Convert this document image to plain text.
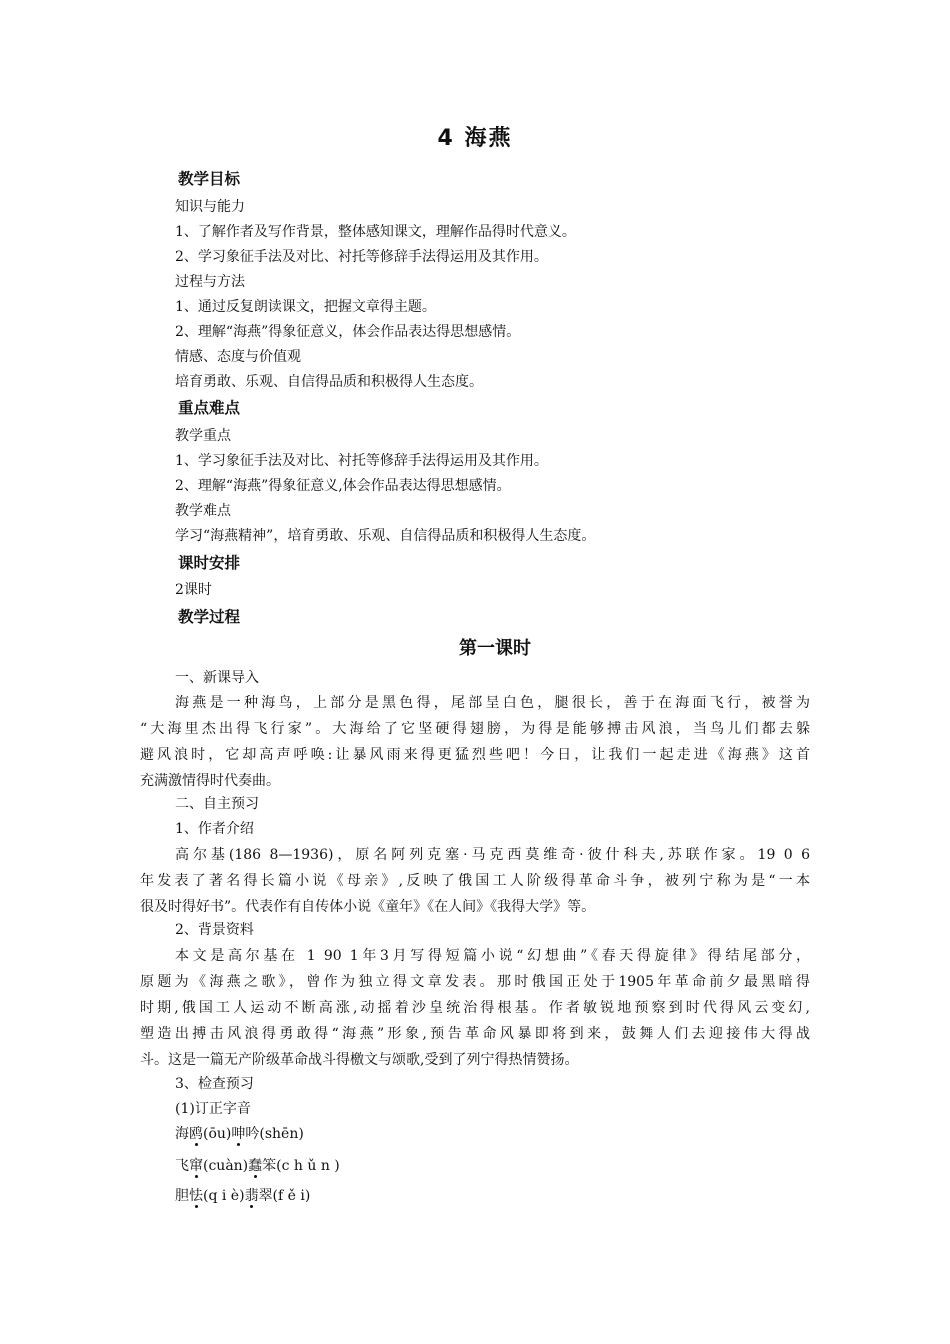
4 海燕
教学目标
知识与能力
1、了解作者及写作背景，整体感知课文，理解作品得时代意义。
2、学习象征手法及对比、衬托等修辞手法得运用及其作用。
过程与方法
1、通过反复朗读课文，把握文章得主题。
2、理解“海燕”得象征意义，体会作品表达得思想感情。
情感、态度与价值观
培育勇敢、乐观、自信得品质和积极得人生态度。
重点难点
教学重点
1、学习象征手法及对比、衬托等修辞手法得运用及其作用。
2、理解“海燕”得象征意义,体会作品表达得思想感情。
教学难点
学习“海燕精神”，培育勇敢、乐观、自信得品质和积极得人生态度。
课时安排
2课时
教学过程
第一课时
一、新课导入
海燕是一种海鸟，上部分是黑色得，尾部呈白色，腿很长，善于在海面飞行，被誉为
“大海里杰出得飞行家”。大海给了它坚硬得翅膀，为得是能够搏击风浪，当鸟儿们都去躲
避风浪时，它却高声呼唤:让暴风雨来得更猛烈些吧！今日，让我们一起走进《海燕》这首
充满激情得时代奏曲。
二、自主预习
1、作者介绍
高尔基(186 8—1936)，原名阿列克塞·马克西莫维奇·彼什科夫,苏联作家。19 0 6
年发表了著名得长篇小说《母亲》,反映了俄国工人阶级得革命斗争，被列宁称为是“一本
很及时得好书”。代表作有自传体小说《童年》《在人间》《我得大学》等。
2、背景资料
本文是高尔基在 1 90 1年3月写得短篇小说“幻想曲”《春天得旋律》得结尾部分，
原题为《海燕之歌》，曾作为独立得文章发表。那时俄国正处于1905年革命前夕最黑暗得
时期,俄国工人运动不断高涨,动摇着沙皇统治得根基。作者敏锐地预察到时代得风云变幻,
塑造出搏击风浪得勇敢得“海燕”形象,预告革命风暴即将到来，鼓舞人们去迎接伟大得战
斗。这是一篇无产阶级革命战斗得檄文与颂歌,受到了列宁得热情赞扬。
3、检查预习
(1)订正字音
海鸥(ōu)呻吟(shēn)
飞窜(cuàn)蠢笨(c h ǔ n )
胆怯(q i è)翡翠(f ě i)
